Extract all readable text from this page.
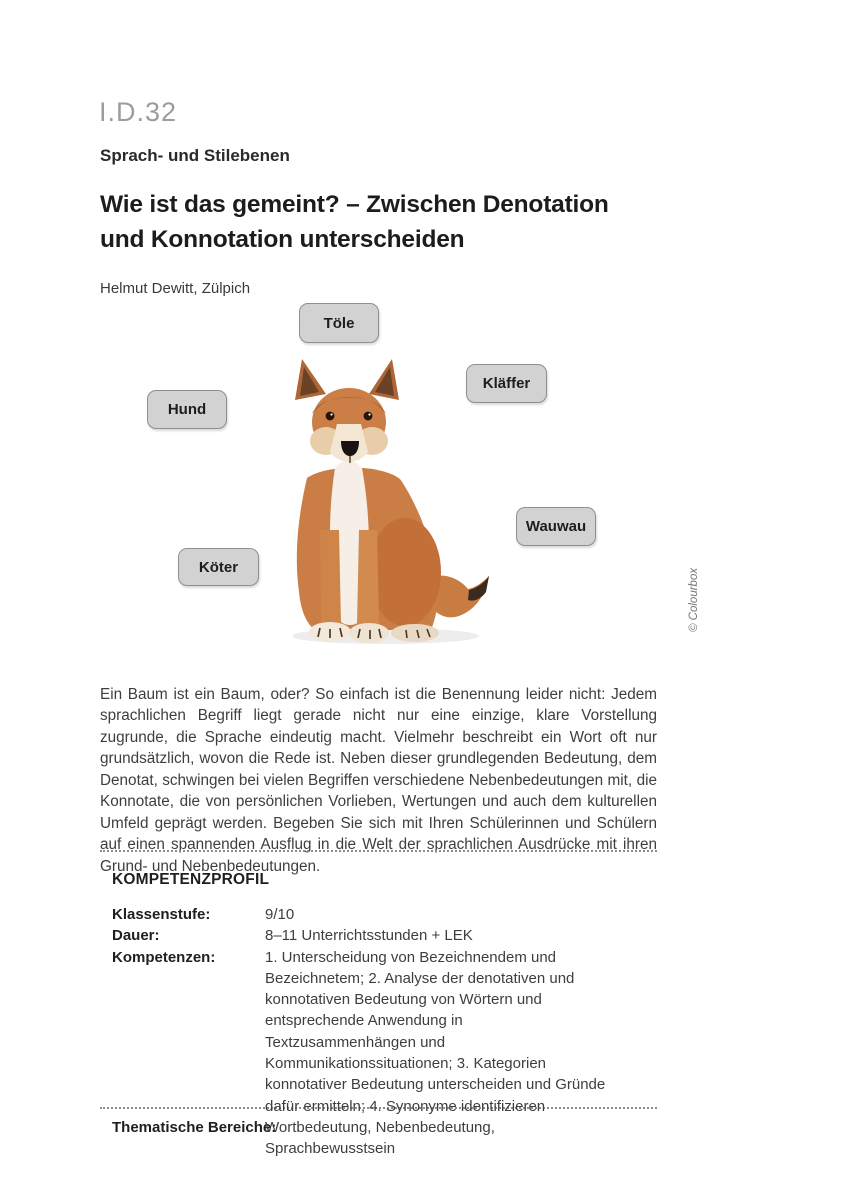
I.D.32
Sprach- und Stilebenen
Wie ist das gemeint? – Zwischen Denotation
und Konnotation unterscheiden
Helmut Dewitt, Zülpich
Töle
Kläffer
Hund
Wauwau
Köter
© Colourbox
Ein Baum ist ein Baum, oder? So einfach ist die Benennung leider nicht: Jedem sprachlichen Begriff liegt gerade nicht nur eine einzige, klare Vorstellung zugrunde, die Sprache eindeutig macht. Vielmehr beschreibt ein Wort oft nur grundsätzlich, wovon die Rede ist. Neben dieser grundlegenden Bedeutung, dem Denotat, schwingen bei vielen Begriffen verschiedene Nebenbedeutungen mit, die Konnotate, die von persönlichen Vorlieben, Wertungen und auch dem kulturellen Umfeld geprägt werden. Begeben Sie sich mit Ihren Schülerinnen und Schülern auf einen spannenden Ausflug in die Welt der sprachlichen Ausdrücke mit ihren Grund- und Nebenbedeutungen.
KOMPETENZPROFIL
Klassenstufe:	9/10
Dauer:	8–11 Unterrichtsstunden + LEK
Kompetenzen:	1. Unterscheidung von Bezeichnendem und Bezeichnetem; 2. Analyse der denotativen und konnotativen Bedeutung von Wörtern und entsprechende Anwendung in Textzusammenhängen und Kommunikationssituationen; 3. Kategorien konnotativer Bedeutung unterscheiden und Gründe dafür ermitteln; 4. Synonyme identifizieren
Thematische Bereiche:
Wortbedeutung, Nebenbedeutung, Sprachbewusstsein
